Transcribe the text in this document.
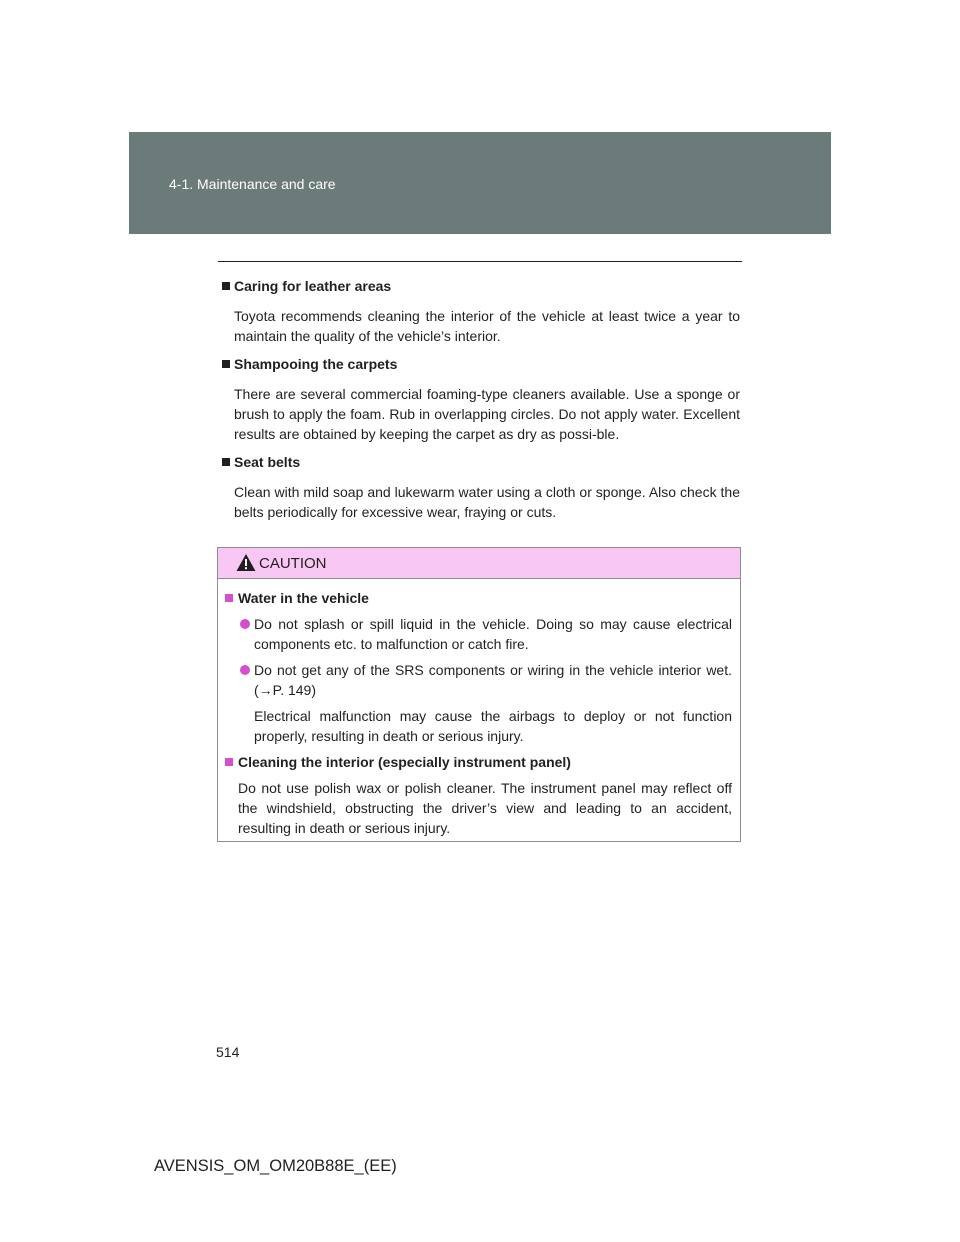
4-1. Maintenance and care

Caring for leather areas

Toyota recommends cleaning the interior of the vehicle at least twice a year to maintain the quality of the vehicle’s interior.

Shampooing the carpets

There are several commercial foaming-type cleaners available. Use a sponge or brush to apply the foam. Rub in overlapping circles. Do not apply water. Excellent results are obtained by keeping the carpet as dry as possi-ble.

Seat belts

Clean with mild soap and lukewarm water using a cloth or sponge. Also check the belts periodically for excessive wear, fraying or cuts.

CAUTION

Water in the vehicle

Do not splash or spill liquid in the vehicle. Doing so may cause electrical components etc. to malfunction or catch fire.
Do not get any of the SRS components or wiring in the vehicle interior wet. (→P. 149)

Electrical malfunction may cause the airbags to deploy or not function properly, resulting in death or serious injury.

Cleaning the interior (especially instrument panel)

Do not use polish wax or polish cleaner. The instrument panel may reflect off the windshield, obstructing the driver’s view and leading to an accident, resulting in death or serious injury.

514
AVENSIS_OM_OM20B88E_(EE)
